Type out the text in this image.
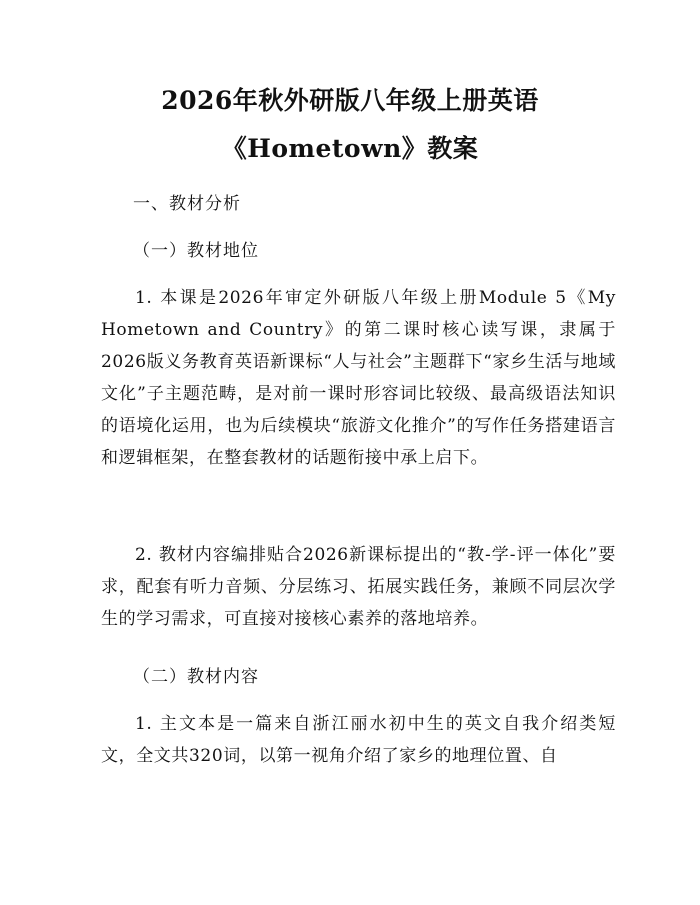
2026年秋外研版八年级上册英语
《Hometown》教案
一、教材分析
（一）教材地位
1. 本课是2026年审定外研版八年级上册Module 5《My Hometown and Country》的第二课时核心读写课，隶属于2026版义务教育英语新课标“人与社会”主题群下“家乡生活与地域文化”子主题范畴，是对前一课时形容词比较级、最高级语法知识的语境化运用，也为后续模块“旅游文化推介”的写作任务搭建语言和逻辑框架，在整套教材的话题衔接中承上启下。
2. 教材内容编排贴合2026新课标提出的“教-学-评一体化”要求，配套有听力音频、分层练习、拓展实践任务，兼顾不同层次学生的学习需求，可直接对接核心素养的落地培养。
（二）教材内容
1. 主文本是一篇来自浙江丽水初中生的英文自我介绍类短文，全文共320词，以第一视角介绍了家乡的地理位置、自
